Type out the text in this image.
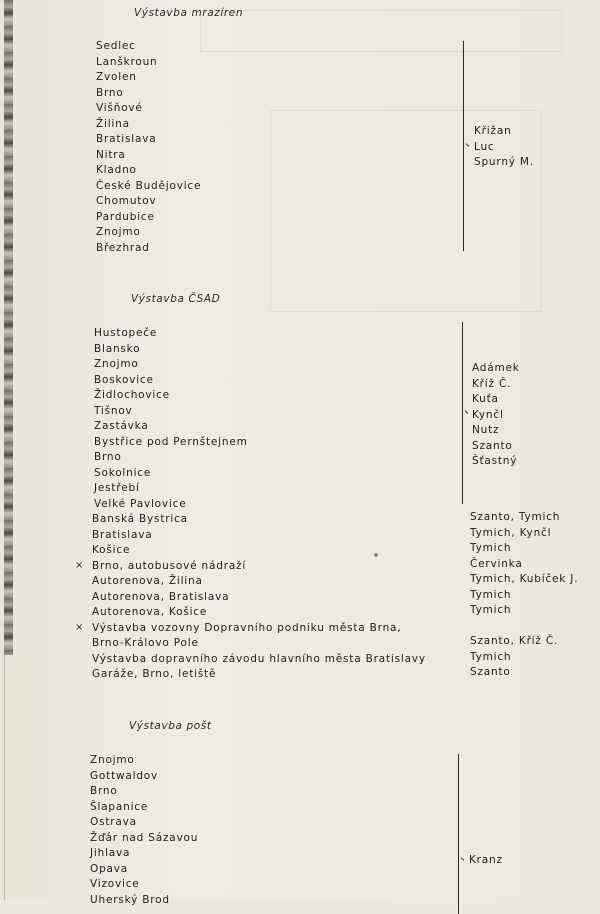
Výstavba mrazíren
Sedlec
Lanškroun
Zvolen
Brno
Višňové
Žilina
Bratislava
Nitra
Kladno
České Budějovice
Chomutov
Pardubice
Znojmo
Březhrad
Křižan
Luc
Spurný M.
Výstavba ČSAD
Hustopeče
Blansko
Znojmo
Boskovice
Židlochovice
Tišnov
Zastávka
Bystřice pod Pernštejnem
Brno
Sokolnice
Jestřebí
Velké Pavlovice
Adámek
Kříž Č.
Kuťa
Kynčl
Nutz
Szanto
Šťastný
Banská Bystrica
Bratislava
Košice
Brno, autobusové nádraží
Autorenova, Žilina
Autorenova, Bratislava
Autorenova, Košice
Výstavba vozovny Dopravního podniku města Brna,
Brno-Královo Pole
Výstavba dopravního závodu hlavního města Bratislavy
Garáže, Brno, letiště
×
×
Szanto, Tymich
Tymich, Kynčl
Tymich
Červinka
Tymich, Kubíček J.
Tymich
Tymich
Szanto, Kříž Č.
Tymich
Szanto
Výstavba pošt
Znojmo
Gottwaldov
Brno
Šlapanice
Ostrava
Žďár nad Sázavou
Jihlava
Opava
Vizovice
Uherský Brod
Kranz
